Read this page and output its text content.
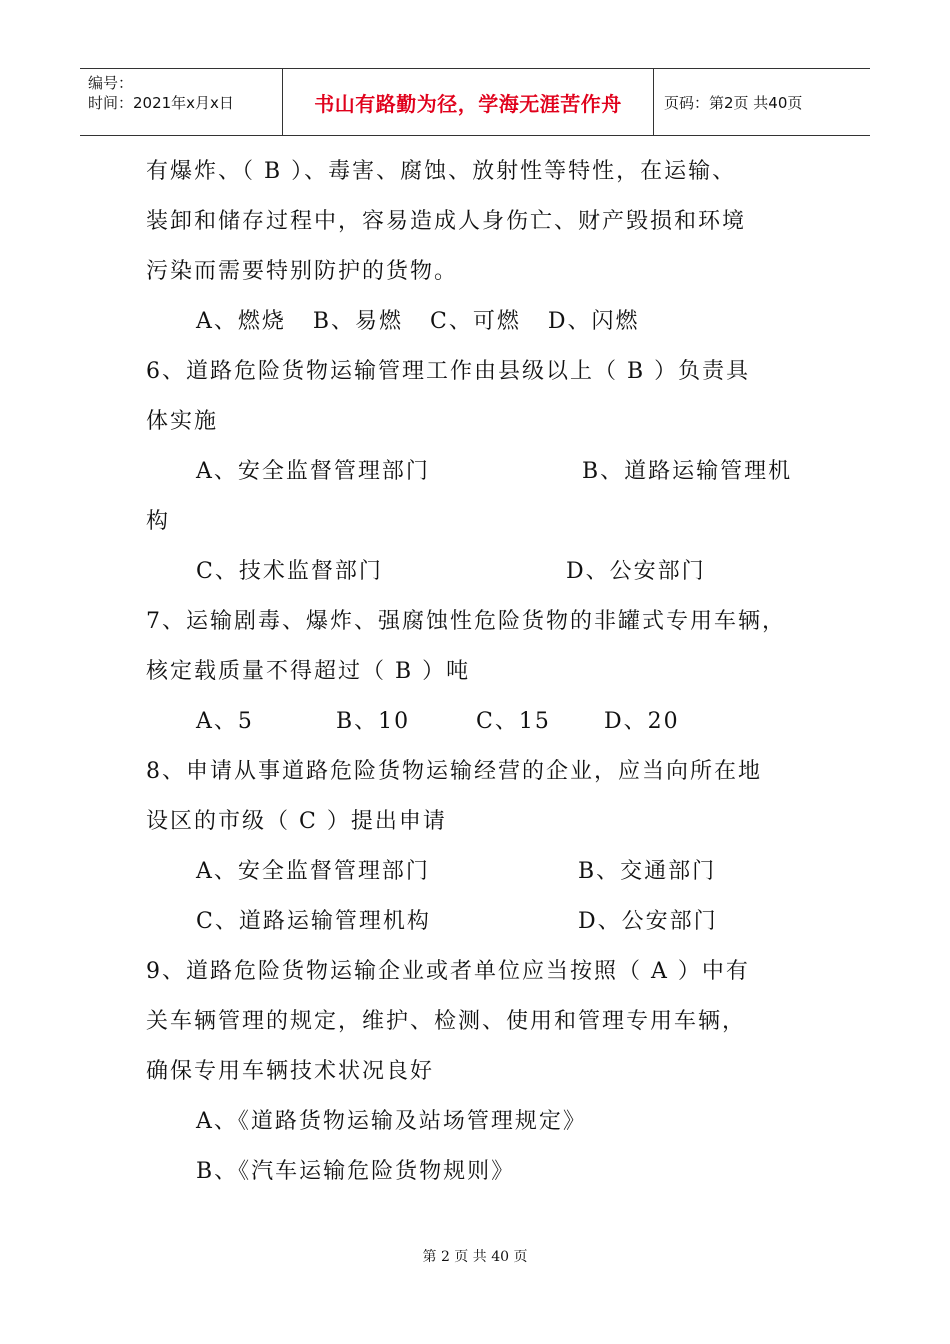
编号：
时间：2021年x月x日	书山有路勤为径，学海无涯苦作舟	页码：第2页 共40页
有爆炸、（ B ）、毒害、腐蚀、放射性等特性，在运输、
装卸和储存过程中，容易造成人身伤亡、财产毁损和环境
污染而需要特别防护的货物。
A、燃烧   B、易燃   C、可燃   D、闪燃
6、道路危险货物运输管理工作由县级以上（ B ）负责具
体实施
A、安全监督管理部门	B、道路运输管理机
构
C、技术监督部门	D、公安部门
7、运输剧毒、爆炸、强腐蚀性危险货物的非罐式专用车辆，
核定载质量不得超过（ B ）吨
A、5	B、10	C、15 D、20
8、申请从事道路危险货物运输经营的企业，应当向所在地
设区的市级（ C ）提出申请
A、安全监督管理部门	B、交通部门
C、道路运输管理机构	D、公安部门
9、道路危险货物运输企业或者单位应当按照（ A ）中有
关车辆管理的规定，维护、检测、使用和管理专用车辆，
确保专用车辆技术状况良好
A、《道路货物运输及站场管理规定》
B、《汽车运输危险货物规则》
第 2 页 共 40 页
